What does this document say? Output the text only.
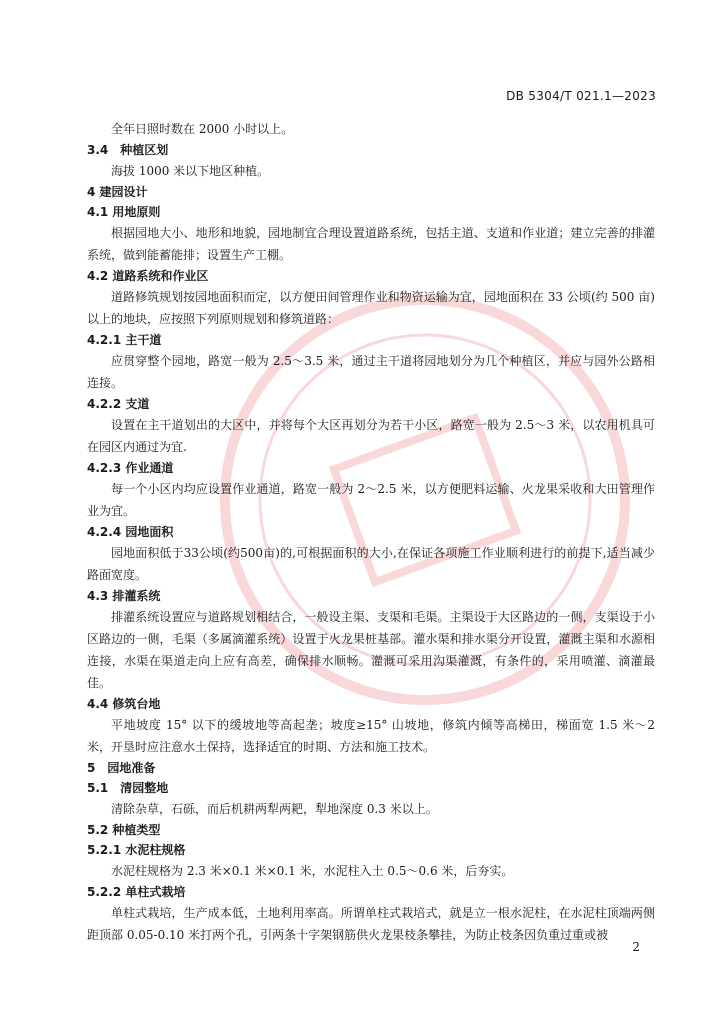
DB 5304/T 021.1—2023
全年日照时数在 2000 小时以上。
3.4　种植区划
海拔 1000 米以下地区种植。
4 建园设计
4.1 用地原则
根据园地大小、地形和地貌，园地制宜合理设置道路系统，包括主道、支道和作业道；建立完善的排灌系统，做到能蓄能排；设置生产工棚。
4.2 道路系统和作业区
道路修筑规划按园地面积而定，以方便田间管理作业和物资运输为宜，园地面积在 33 公顷(约 500 亩)以上的地块，应按照下列原则规划和修筑道路：
4.2.1 主干道
应贯穿整个园地，路宽一般为 2.5～3.5 米，通过主干道将园地划分为几个种植区，并应与园外公路相连接。
4.2.2 支道
设置在主干道划出的大区中，并将每个大区再划分为若干小区，路宽一般为 2.5～3 米，以农用机具可在园区内通过为宜.
4.2.3 作业通道
每一个小区内均应设置作业通道，路宽一般为 2～2.5 米，以方便肥料运输、火龙果采收和大田管理作业为宜。
4.2.4 园地面积
园地面积低于33公顷(约500亩)的,可根据面积的大小,在保证各项施工作业顺利进行的前提下,适当减少路面宽度。
4.3 排灌系统
排灌系统设置应与道路规划相结合，一般设主渠、支渠和毛渠。主渠设于大区路边的一侧，支渠设于小区路边的一侧，毛渠（多属滴灌系统）设置于火龙果桩基部。灌水渠和排水渠分开设置，灌溉主渠和水源相连接，水渠在渠道走向上应有高差，确保排水顺畅。灌溉可采用沟渠灌溉，有条件的，采用喷灌、滴灌最佳。
4.4 修筑台地
平地坡度 15° 以下的缓坡地等高起垄；坡度≥15° 山坡地，修筑内倾等高梯田，梯面宽 1.5 米～2 米，开垦时应注意水土保持，选择适宜的时期、方法和施工技术。
5　园地准备
5.1　清园整地
清除杂草，石砾，而后机耕两犁两耙，犁地深度 0.3 米以上。
5.2 种植类型
5.2.1 水泥柱规格
水泥柱规格为 2.3 米×0.1 米×0.1 米，水泥柱入土 0.5～0.6 米，后夯实。
5.2.2 单柱式栽培
单柱式栽培，生产成本低，土地利用率高。所谓单柱式栽培式，就是立一根水泥柱，在水泥柱顶端两侧距顶部 0.05-0.10 米打两个孔，引两条十字架钢筋供火龙果枝条攀挂，为防止枝条因负重过重或被
2
